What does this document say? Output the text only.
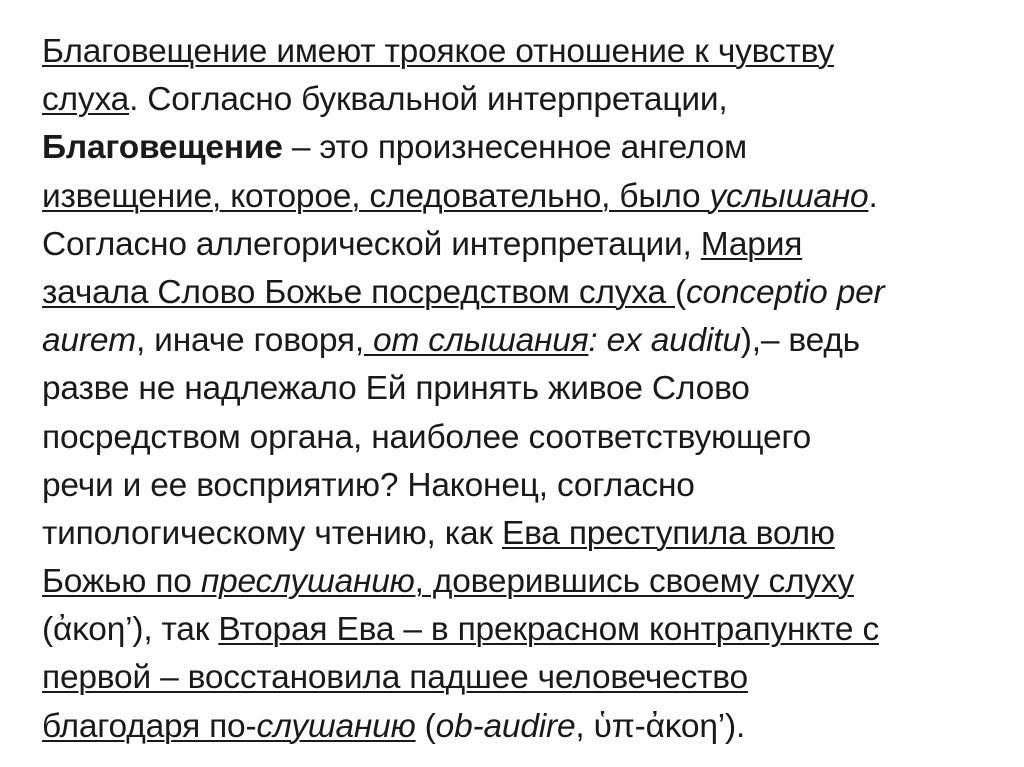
Благовещение имеют троякое отношение к чувству
слуха. Согласно буквальной интерпретации,
Благовещение – это произнесенное ангелом
извещение, которое, следовательно, было услышано.
Согласно аллегорической интерпретации, Мария
зачала Слово Божье посредством слуха (conceptio per
aurem, иначе говоря, от слышания: ex auditu),– ведь
разве не надлежало Ей принять живое Слово
посредством органа, наиболее соответствующего
речи и ее восприятию? Наконец, согласно
типологическому чтению, как Ева преступила волю
Божью по преслушанию, доверившись своему слуху
(ἀκοη’), так Вторая Ева – в прекрасном контрапункте с
первой – восстановила падшее человечество
благодаря по-слушанию (ob-audire, ὑπ-ἀκοη’).
